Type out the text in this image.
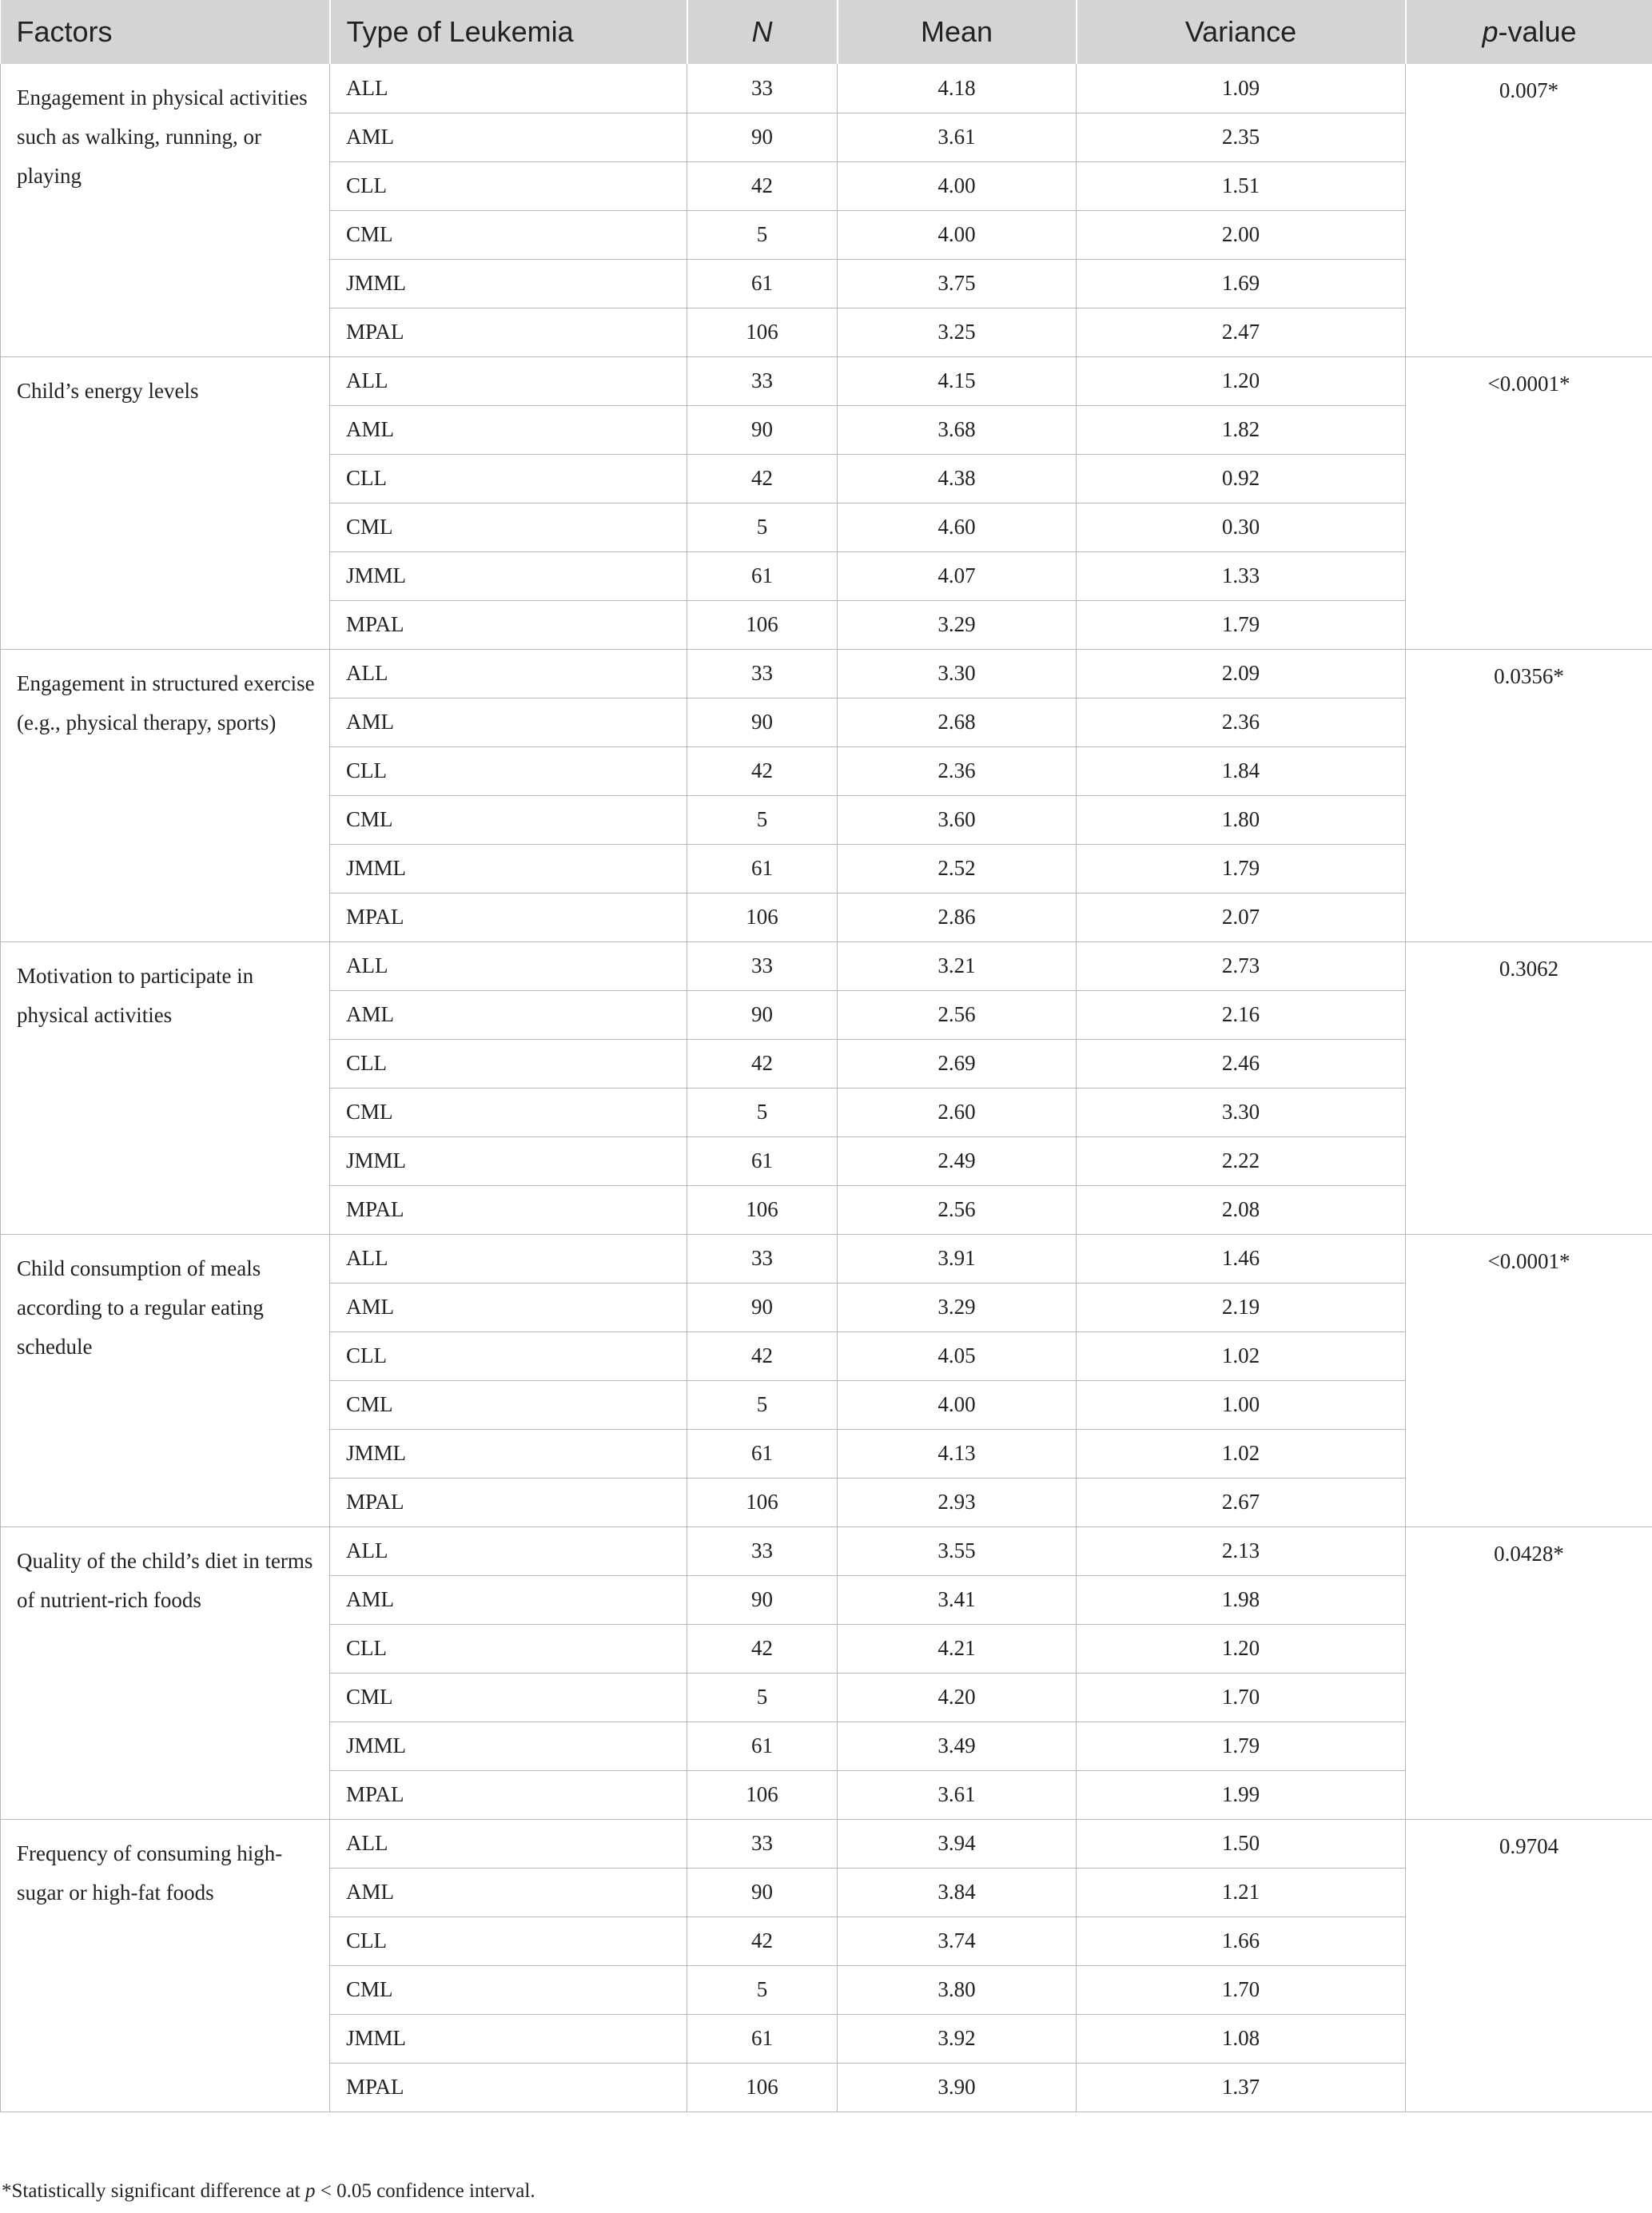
Factors	Type of Leukemia	N	Mean	Variance	p-value
Engagement in physical activities such as walking, running, or playing	ALL	33	4.18	1.09	0.007*
	AML	90	3.61	2.35	
	CLL	42	4.00	1.51	
	CML	5	4.00	2.00	
	JMML	61	3.75	1.69	
	MPAL	106	3.25	2.47	
Child’s energy levels	ALL	33	4.15	1.20	<0.0001*
	AML	90	3.68	1.82	
	CLL	42	4.38	0.92	
	CML	5	4.60	0.30	
	JMML	61	4.07	1.33	
	MPAL	106	3.29	1.79	
Engagement in structured exercise (e.g., physical therapy, sports)	ALL	33	3.30	2.09	0.0356*
	AML	90	2.68	2.36	
	CLL	42	2.36	1.84	
	CML	5	3.60	1.80	
	JMML	61	2.52	1.79	
	MPAL	106	2.86	2.07	
Motivation to participate in physical activities	ALL	33	3.21	2.73	0.3062
	AML	90	2.56	2.16	
	CLL	42	2.69	2.46	
	CML	5	2.60	3.30	
	JMML	61	2.49	2.22	
	MPAL	106	2.56	2.08	
Child consumption of meals according to a regular eating schedule	ALL	33	3.91	1.46	<0.0001*
	AML	90	3.29	2.19	
	CLL	42	4.05	1.02	
	CML	5	4.00	1.00	
	JMML	61	4.13	1.02	
	MPAL	106	2.93	2.67	
Quality of the child’s diet in terms of nutrient-rich foods	ALL	33	3.55	2.13	0.0428*
	AML	90	3.41	1.98	
	CLL	42	4.21	1.20	
	CML	5	4.20	1.70	
	JMML	61	3.49	1.79	
	MPAL	106	3.61	1.99	
Frequency of consuming high-sugar or high-fat foods	ALL	33	3.94	1.50	0.9704
	AML	90	3.84	1.21	
	CLL	42	3.74	1.66	
	CML	5	3.80	1.70	
	JMML	61	3.92	1.08	
	MPAL	106	3.90	1.37	
*Statistically significant difference at p < 0.05 confidence interval.
